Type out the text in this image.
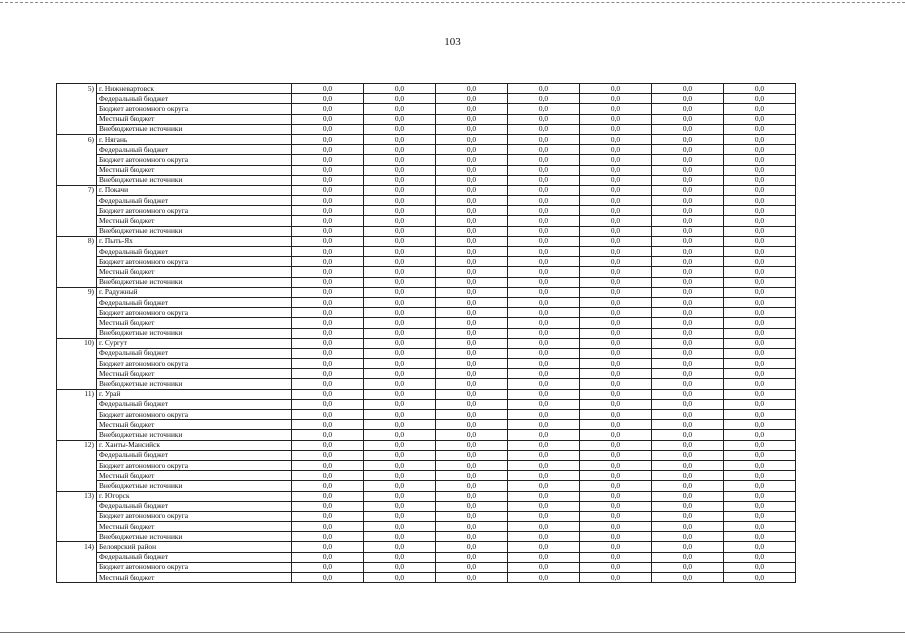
103
5)	г. Нижневартовск	0,0	0,0	0,0	0,0	0,0	0,0	0,0
	Федеральный бюджет	0,0	0,0	0,0	0,0	0,0	0,0	0,0
	Бюджет автономного округа	0,0	0,0	0,0	0,0	0,0	0,0	0,0
	Местный бюджет	0,0	0,0	0,0	0,0	0,0	0,0	0,0
	Внебюджетные источники	0,0	0,0	0,0	0,0	0,0	0,0	0,0
6)	г. Нягань	0,0	0,0	0,0	0,0	0,0	0,0	0,0
	Федеральный бюджет	0,0	0,0	0,0	0,0	0,0	0,0	0,0
	Бюджет автономного округа	0,0	0,0	0,0	0,0	0,0	0,0	0,0
	Местный бюджет	0,0	0,0	0,0	0,0	0,0	0,0	0,0
	Внебюджетные источники	0,0	0,0	0,0	0,0	0,0	0,0	0,0
7)	г. Покачи	0,0	0,0	0,0	0,0	0,0	0,0	0,0
	Федеральный бюджет	0,0	0,0	0,0	0,0	0,0	0,0	0,0
	Бюджет автономного округа	0,0	0,0	0,0	0,0	0,0	0,0	0,0
	Местный бюджет	0,0	0,0	0,0	0,0	0,0	0,0	0,0
	Внебюджетные источники	0,0	0,0	0,0	0,0	0,0	0,0	0,0
8)	г. Пыть-Ях	0,0	0,0	0,0	0,0	0,0	0,0	0,0
	Федеральный бюджет	0,0	0,0	0,0	0,0	0,0	0,0	0,0
	Бюджет автономного округа	0,0	0,0	0,0	0,0	0,0	0,0	0,0
	Местный бюджет	0,0	0,0	0,0	0,0	0,0	0,0	0,0
	Внебюджетные источники	0,0	0,0	0,0	0,0	0,0	0,0	0,0
9)	г. Радужный	0,0	0,0	0,0	0,0	0,0	0,0	0,0
	Федеральный бюджет	0,0	0,0	0,0	0,0	0,0	0,0	0,0
	Бюджет автономного округа	0,0	0,0	0,0	0,0	0,0	0,0	0,0
	Местный бюджет	0,0	0,0	0,0	0,0	0,0	0,0	0,0
	Внебюджетные источники	0,0	0,0	0,0	0,0	0,0	0,0	0,0
10)	г. Сургут	0,0	0,0	0,0	0,0	0,0	0,0	0,0
	Федеральный бюджет	0,0	0,0	0,0	0,0	0,0	0,0	0,0
	Бюджет автономного округа	0,0	0,0	0,0	0,0	0,0	0,0	0,0
	Местный бюджет	0,0	0,0	0,0	0,0	0,0	0,0	0,0
	Внебюджетные источники	0,0	0,0	0,0	0,0	0,0	0,0	0,0
11)	г. Урай	0,0	0,0	0,0	0,0	0,0	0,0	0,0
	Федеральный бюджет	0,0	0,0	0,0	0,0	0,0	0,0	0,0
	Бюджет автономного округа	0,0	0,0	0,0	0,0	0,0	0,0	0,0
	Местный бюджет	0,0	0,0	0,0	0,0	0,0	0,0	0,0
	Внебюджетные источники	0,0	0,0	0,0	0,0	0,0	0,0	0,0
12)	г. Ханты-Мансийск	0,0	0,0	0,0	0,0	0,0	0,0	0,0
	Федеральный бюджет	0,0	0,0	0,0	0,0	0,0	0,0	0,0
	Бюджет автономного округа	0,0	0,0	0,0	0,0	0,0	0,0	0,0
	Местный бюджет	0,0	0,0	0,0	0,0	0,0	0,0	0,0
	Внебюджетные источники	0,0	0,0	0,0	0,0	0,0	0,0	0,0
13)	г. Югорск	0,0	0,0	0,0	0,0	0,0	0,0	0,0
	Федеральный бюджет	0,0	0,0	0,0	0,0	0,0	0,0	0,0
	Бюджет автономного округа	0,0	0,0	0,0	0,0	0,0	0,0	0,0
	Местный бюджет	0,0	0,0	0,0	0,0	0,0	0,0	0,0
	Внебюджетные источники	0,0	0,0	0,0	0,0	0,0	0,0	0,0
14)	Белоярский район	0,0	0,0	0,0	0,0	0,0	0,0	0,0
	Федеральный бюджет	0,0	0,0	0,0	0,0	0,0	0,0	0,0
	Бюджет автономного округа	0,0	0,0	0,0	0,0	0,0	0,0	0,0
	Местный бюджет	0,0	0,0	0,0	0,0	0,0	0,0	0,0
